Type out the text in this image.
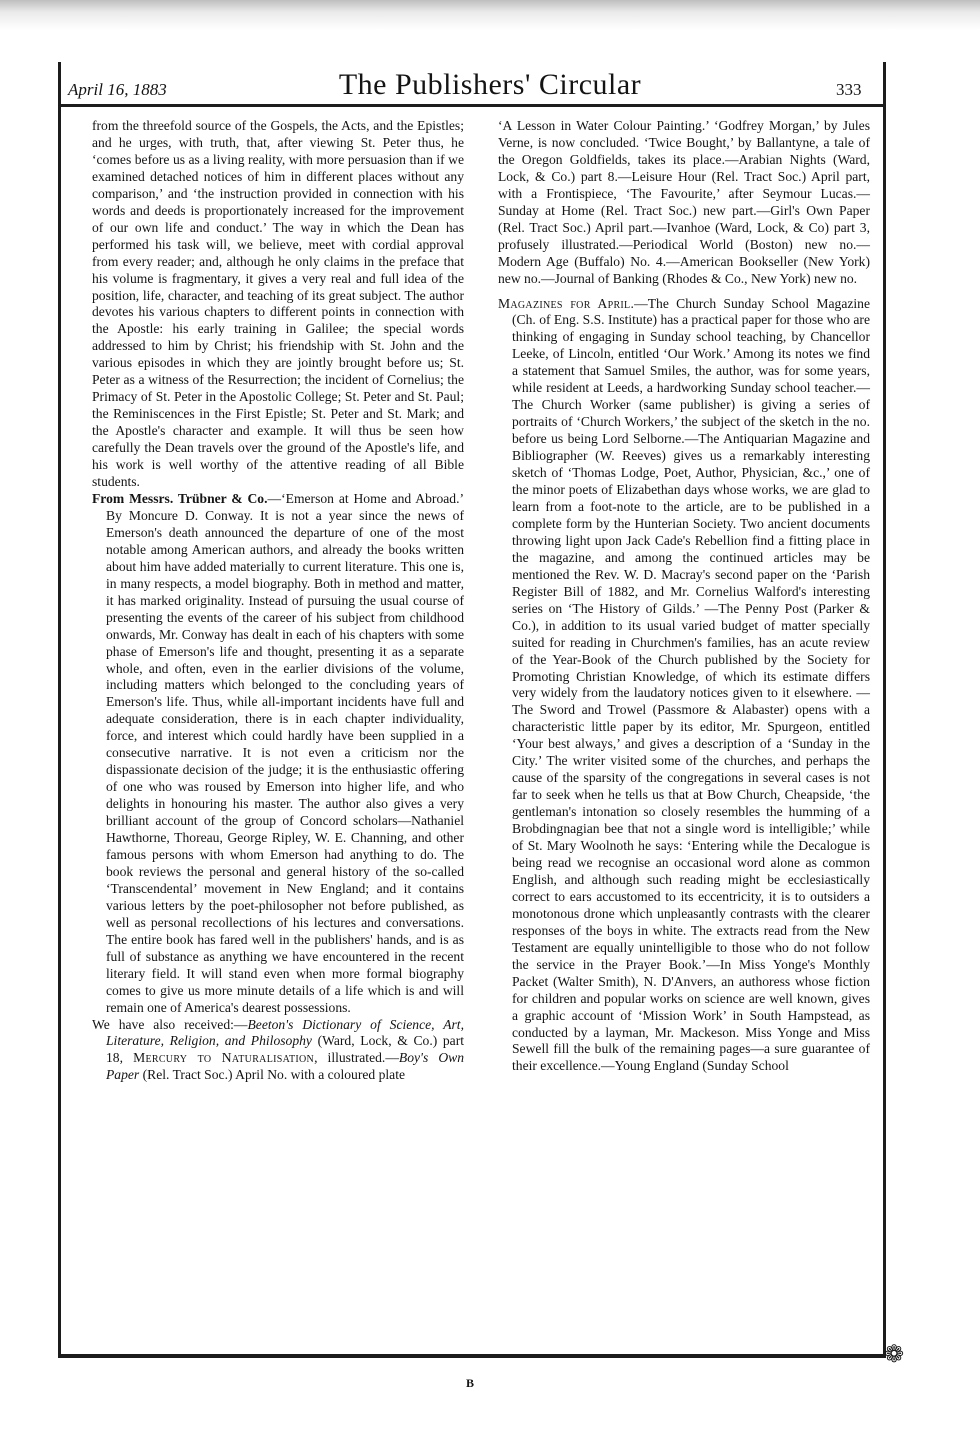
April 16, 1883	The Publishers' Circular	333

from the threefold source of the Gospels, the Acts, and the Epistles; and he urges, with truth, that, after viewing St. Peter thus, he ‘comes before us as a living reality, with more persuasion than if we examined detached notices of him in different places without any comparison,’ and ‘the instruction provided in connection with his words and deeds is proportionately increased for the improvement of our own life and conduct.’ The way in which the Dean has performed his task will, we believe, meet with cordial approval from every reader; and, although he only claims in the preface that his volume is fragmentary, it gives a very real and full idea of the position, life, character, and teaching of its great subject. The author devotes his various chapters to different points in connection with the Apostle: his early training in Galilee; the special words addressed to him by Christ; his friendship with St. John and the various episodes in which they are jointly brought before us; St. Peter as a witness of the Resurrection; the incident of Cornelius; the Primacy of St. Peter in the Apostolic College; St. Peter and St. Paul; the Reminiscences in the First Epistle; St. Peter and St. Mark; and the Apostle's character and example. It will thus be seen how carefully the Dean travels over the ground of the Apostle's life, and his work is well worthy of the attentive reading of all Bible students.

From Messrs. Trübner & Co.—‘Emerson at Home and Abroad.’ By Moncure D. Conway. It is not a year since the news of Emerson's death announced the departure of one of the most notable among American authors, and already the books written about him have added materially to current literature. This one is, in many respects, a model biography. Both in method and matter, it has marked originality. Instead of pursuing the usual course of presenting the events of the career of his subject from childhood onwards, Mr. Conway has dealt in each of his chapters with some phase of Emerson's life and thought, presenting it as a separate whole, and often, even in the earlier divisions of the volume, including matters which belonged to the concluding years of Emerson's life. Thus, while all-important incidents have full and adequate consideration, there is in each chapter individuality, force, and interest which could hardly have been supplied in a consecutive narrative. It is not even a criticism nor the dispassionate decision of the judge; it is the enthusiastic offering of one who was roused by Emerson into higher life, and who delights in honouring his master. The author also gives a very brilliant account of the group of Concord scholars—Nathaniel Hawthorne, Thoreau, George Ripley, W. E. Channing, and other famous persons with whom Emerson had anything to do. The book reviews the personal and general history of the so-called ‘Transcendental’ movement in New England; and it contains various letters by the poet-philosopher not before published, as well as personal recollections of his lectures and conversations. The entire book has fared well in the publishers' hands, and is as full of substance as anything we have encountered in the recent literary field. It will stand even when more formal biography comes to give us more minute details of a life which is and will remain one of America's dearest possessions.

We have also received:—Beeton's Dictionary of Science, Art, Literature, Religion, and Philosophy (Ward, Lock, & Co.) part 18, Mercury to Naturalisation, illustrated.—Boy's Own Paper (Rel. Tract Soc.) April No. with a coloured plate

‘A Lesson in Water Colour Painting.’ ‘Godfrey Morgan,’ by Jules Verne, is now concluded. ‘Twice Bought,’ by Ballantyne, a tale of the Oregon Goldfields, takes its place.—Arabian Nights (Ward, Lock, & Co.) part 8.—Leisure Hour (Rel. Tract Soc.) April part, with a Frontispiece, ‘The Favourite,’ after Seymour Lucas.—Sunday at Home (Rel. Tract Soc.) new part.—Girl's Own Paper (Rel. Tract Soc.) April part.—Ivanhoe (Ward, Lock, & Co) part 3, profusely illustrated.—Periodical World (Boston) new no.—Modern Age (Buffalo) No. 4.—American Bookseller (New York) new no.—Journal of Banking (Rhodes & Co., New York) new no.

Magazines for April.—The Church Sunday School Magazine (Ch. of Eng. S.S. Institute) has a practical paper for those who are thinking of engaging in Sunday school teaching, by Chancellor Leeke, of Lincoln, entitled ‘Our Work.’ Among its notes we find a statement that Samuel Smiles, the author, was for some years, while resident at Leeds, a hardworking Sunday school teacher.—The Church Worker (same publisher) is giving a series of portraits of ‘Church Workers,’ the subject of the sketch in the no. before us being Lord Selborne.—The Antiquarian Magazine and Bibliographer (W. Reeves) gives us a remarkably interesting sketch of ‘Thomas Lodge, Poet, Author, Physician, &c.,’ one of the minor poets of Elizabethan days whose works, we are glad to learn from a foot-note to the article, are to be published in a complete form by the Hunterian Society. Two ancient documents throwing light upon Jack Cade's Rebellion find a fitting place in the magazine, and among the continued articles may be mentioned the Rev. W. D. Macray's second paper on the ‘Parish Register Bill of 1882, and Mr. Cornelius Walford's interesting series on ‘The History of Gilds.’ —The Penny Post (Parker & Co.), in addition to its usual varied budget of matter specially suited for reading in Churchmen's families, has an acute review of the Year-Book of the Church published by the Society for Promoting Christian Knowledge, of which its estimate differs very widely from the laudatory notices given to it elsewhere. —The Sword and Trowel (Passmore & Alabaster) opens with a characteristic little paper by its editor, Mr. Spurgeon, entitled ‘Your best always,’ and gives a description of a ‘Sunday in the City.’ The writer visited some of the churches, and perhaps the cause of the sparsity of the congregations in several cases is not far to seek when he tells us that at Bow Church, Cheapside, ‘the gentleman's intonation so closely resembles the humming of a Brobdingnagian bee that not a single word is intelligible;’ while of St. Mary Woolnoth he says: ‘Entering while the Decalogue is being read we recognise an occasional word alone as common English, and although such reading might be ecclesiastically correct to ears accustomed to its eccentricity, it is to outsiders a monotonous drone which unpleasantly contrasts with the clearer responses of the boys in white. The extracts read from the New Testament are equally unintelligible to those who do not follow the service in the Prayer Book.’—In Miss Yonge's Monthly Packet (Walter Smith), N. D'Anvers, an authoress whose fiction for children and popular works on science are well known, gives a graphic account of ‘Mission Work’ in South Hampstead, as conducted by a layman, Mr. Mackeson. Miss Yonge and Miss Sewell fill the bulk of the remaining pages—a sure guarantee of their excellence.—Young England (Sunday School

❁
B
